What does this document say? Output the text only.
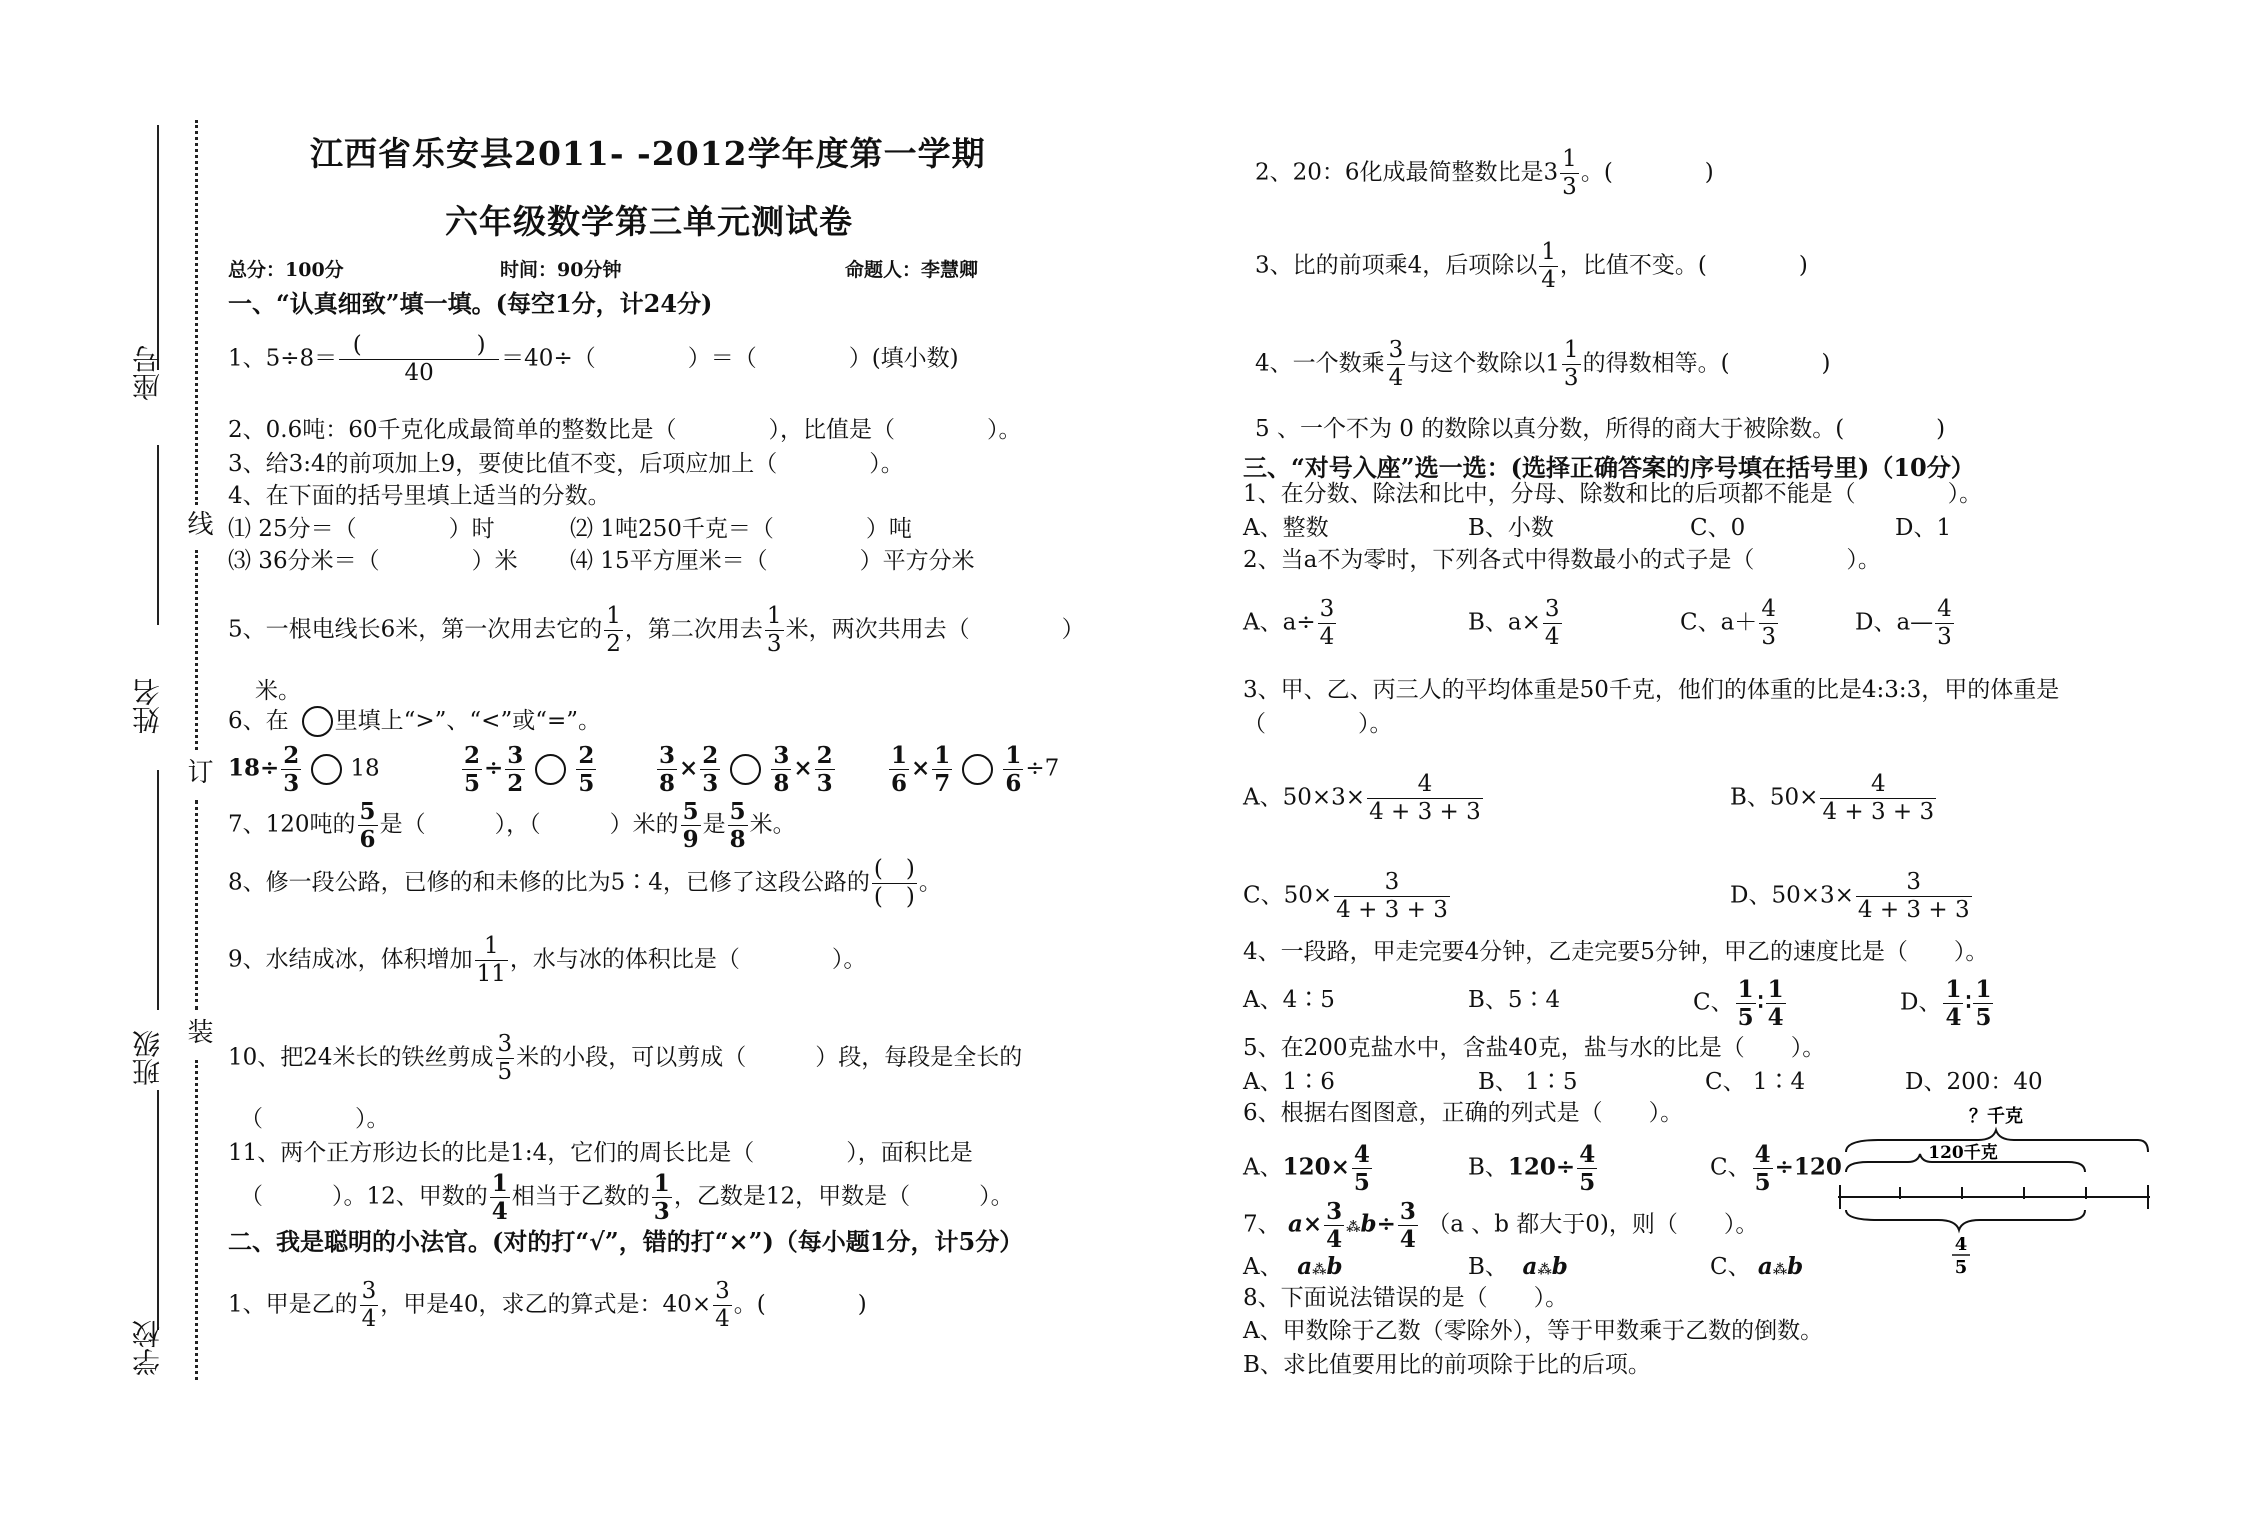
座号
姓名
班级
学校
线
订
装
江西省乐安县2011- -2012学年度第一学期
六年级数学第三单元测试卷
总分：100分	时间：90分钟	命题人：李慧卿
一、“认真细致”填一填。(每空1分，计24分)
1、$5\div 8= \frac{( )}{40} =40\div$（　　　　）＝（　　　　）(填小数)
2、0.6吨：60千克化成最简单的整数比是（　　　　），比值是（　　　　）。
3、给3:4的前项加上9，要使比值不变，后项应加上（　　　　）。
4、在下面的括号里填上适当的分数。
⑴ 25分＝（　　　　）时	⑵ 1吨250千克＝（　　　　）吨
⑶ 36分米＝（　　　　）米 ⑷ 15平方厘米＝（　　　　）平方分米
5、一根电线长6米，第一次用去它的 $\frac{1}{2}$ ，第二次用去 $\frac{1}{3}$ 米，两次共用去（　　　　）
米。
6、在　　里填上“>”、“<”或“=”。
$18\div \frac{2}{3} 18$	$\frac{2}{5} \div \frac{3}{2}$
$\frac{2}{5}$	$\frac{3}{8} \times \frac{2}{3}$
$\frac{3}{8} \times \frac{2}{3} \frac{1}{6} \times \frac{1}{7}$
$\frac{1}{6} \div 7$
7、120吨的 $\frac{5}{6}$ 是（　　　），（　　　）米的 $\frac{5}{9}$ 是 $\frac{5}{8}$ 米。
8、修一段公路，已修的和未修的比为5∶4，已修了这段公路的 $\frac{( )}{( )}$ 。
9、水结成冰，体积增加 $\frac{1}{11}$ ，水与冰的体积比是（　　　　）。
10、把24米长的铁丝剪成 $\frac{3}{5}$ 米的小段，可以剪成（　　　）段，每段是全长的
（　　　　）。
11、两个正方形边长的比是1:4，它们的周长比是（　　　　），面积比是
（　　　）。12、甲数的 $\frac{1}{4}$ 相当于乙数的 $\frac{1}{3}$ ，乙数是12，甲数是（　　　）。
二、我是聪明的小法官。(对的打“√”，错的打“×”)（每小题1分，计5分）
1、甲是乙的 $\frac{3}{4}$ ，甲是40，求乙的算式是：$40\times \frac{3}{4}$ 。(　　　　)
2、20：6化成最简整数比是$3 \frac{1}{3}$ 。(　　　　)
3、比的前项乘4，后项除以 $\frac{1}{4}$ ，比值不变。(　　　　)
4、一个数乘 $\frac{3}{4}$ 与这个数除以$1 \frac{1}{3}$ 的得数相等。(　　　　)
5 、一个不为 0 的数除以真分数，所得的商大于被除数。(　　　　)
三、“对号入座”选一选：(选择正确答案的序号填在括号里)（10分）
1、在分数、除法和比中，分母、除数和比的后项都不能是（　　　　）。
A、整数	B、小数	C、0	D、1
2、当a不为零时，下列各式中得数最小的式子是（　　　　）。
A、$a\div \frac{3}{4}$	B、$a\times \frac{3}{4}$	C、$a+ \frac{4}{3}$	D、a— $\frac{4}{3}$
3、甲、乙、丙三人的平均体重是50千克，他们的体重的比是4:3:3，甲的体重是
（　　　　）。
A、$50\times 3\times \frac{4}{4 + 3 + 3}$	B、$50\times \frac{4}{4 + 3 + 3}$
C、$50\times \frac{3}{4 + 3 + 3}$	D、$50\times 3\times \frac{3}{4 + 3 + 3}$
4、一段路，甲走完要4分钟，乙走完要5分钟，甲乙的速度比是（　　）。
A、4∶5	B、5∶4	C、 $\frac{1}{5}$ ∶ $\frac{1}{4}$	D、 $\frac{1}{4}$ ∶ $\frac{1}{5}$
5、在200克盐水中，含盐40克，盐与水的比是（　　）。
A、1∶6	B、 1∶5	C、 1∶4	D、200：40
6、根据右图图意，正确的列式是（　　）。
A、$120\times \frac{4}{5}$	B、$120\div \frac{4}{5}$	C、 $\frac{4}{5} \div 120$
？千克
120千克
4
5
7、 $a\times \frac{3}{4}$ ⁂b÷ $\frac{3}{4} (a$ 、b 都大于0)，则（　　）。
A、 a⁂b	B、 a⁂b	C、 a⁂b
8、下面说法错误的是（　　）。
A、甲数除于乙数（零除外），等于甲数乘于乙数的倒数。
B、求比值要用比的前项除于比的后项。
